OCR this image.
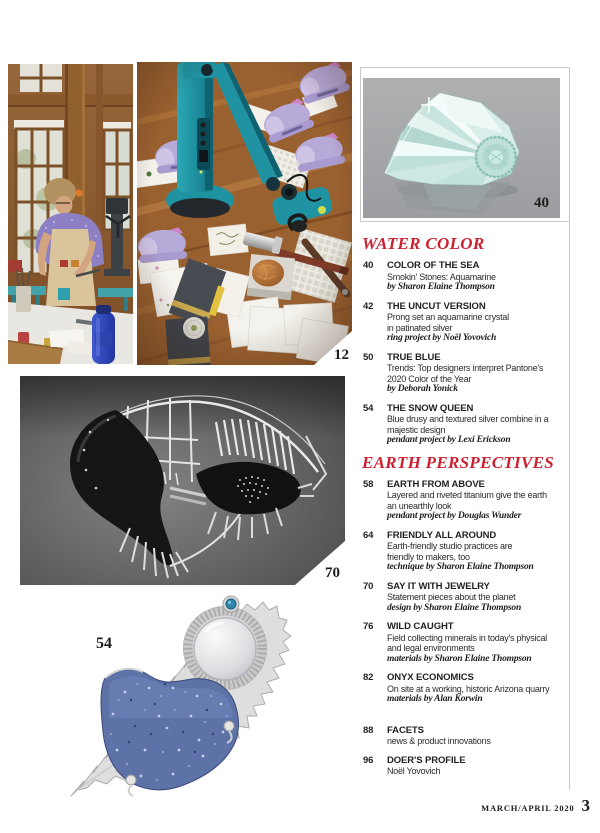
12
40
70
54
WATER COLOR
40	COLOR OF THE SEA
Smokin' Stones: Aquamarine
by Sharon Elaine Thompson
42	THE UNCUT VERSION
Prong set an aquamarine crystal
in patinated silver
ring project by Noël Yovovich
50	TRUE BLUE
Trends: Top designers interpret Pantone's
2020 Color of the Year
by Deborah Yonick
54	THE SNOW QUEEN
Blue drusy and textured silver combine in a
majestic design
pendant project by Lexi Erickson
EARTH PERSPECTIVES
58	EARTH FROM ABOVE
Layered and riveted titanium give the earth
an unearthly look
pendant project by Douglas Wunder
64	FRIENDLY ALL AROUND
Earth-friendly studio practices are
friendly to makers, too
technique by Sharon Elaine Thompson
70	SAY IT WITH JEWELRY
Statement pieces about the planet
design by Sharon Elaine Thompson
76	WILD CAUGHT
Field collecting minerals in today's physical
and legal environments
materials by Sharon Elaine Thompson
82	ONYX ECONOMICS
On site at a working, historic Arizona quarry
materials by Alan Korwin
88	FACETS
news & product innovations
96	DOER'S PROFILE
Noël Yovovich
MARCH/APRIL 2020 3
